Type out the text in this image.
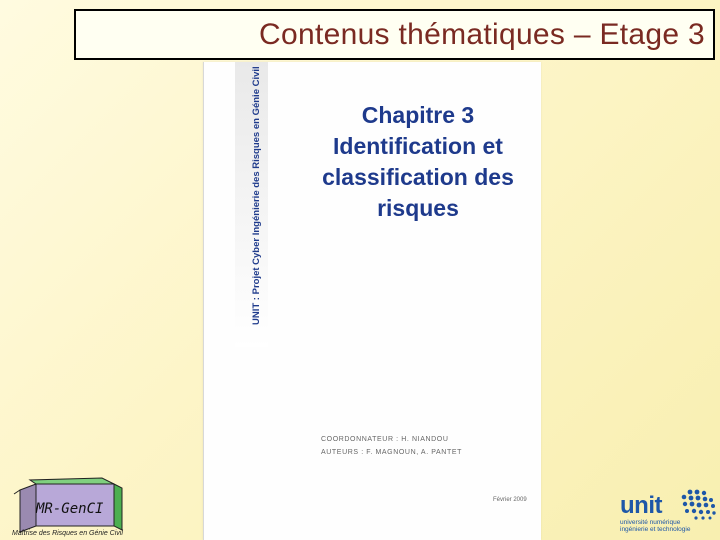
Contenus thématiques – Etage 3
UNIT : Projet Cyber Ingénierie des Risques en Génie Civil	Chapitre 3
Identification et
classification des
risques
COORDONNATEUR : H. NIANDOU
AUTEURS : F. MAGNOUN, A. PANTET
Février 2009
MR-GenCI
Maîtrise des Risques en Génie Civil
unit
université numérique
ingénierie et technologie
